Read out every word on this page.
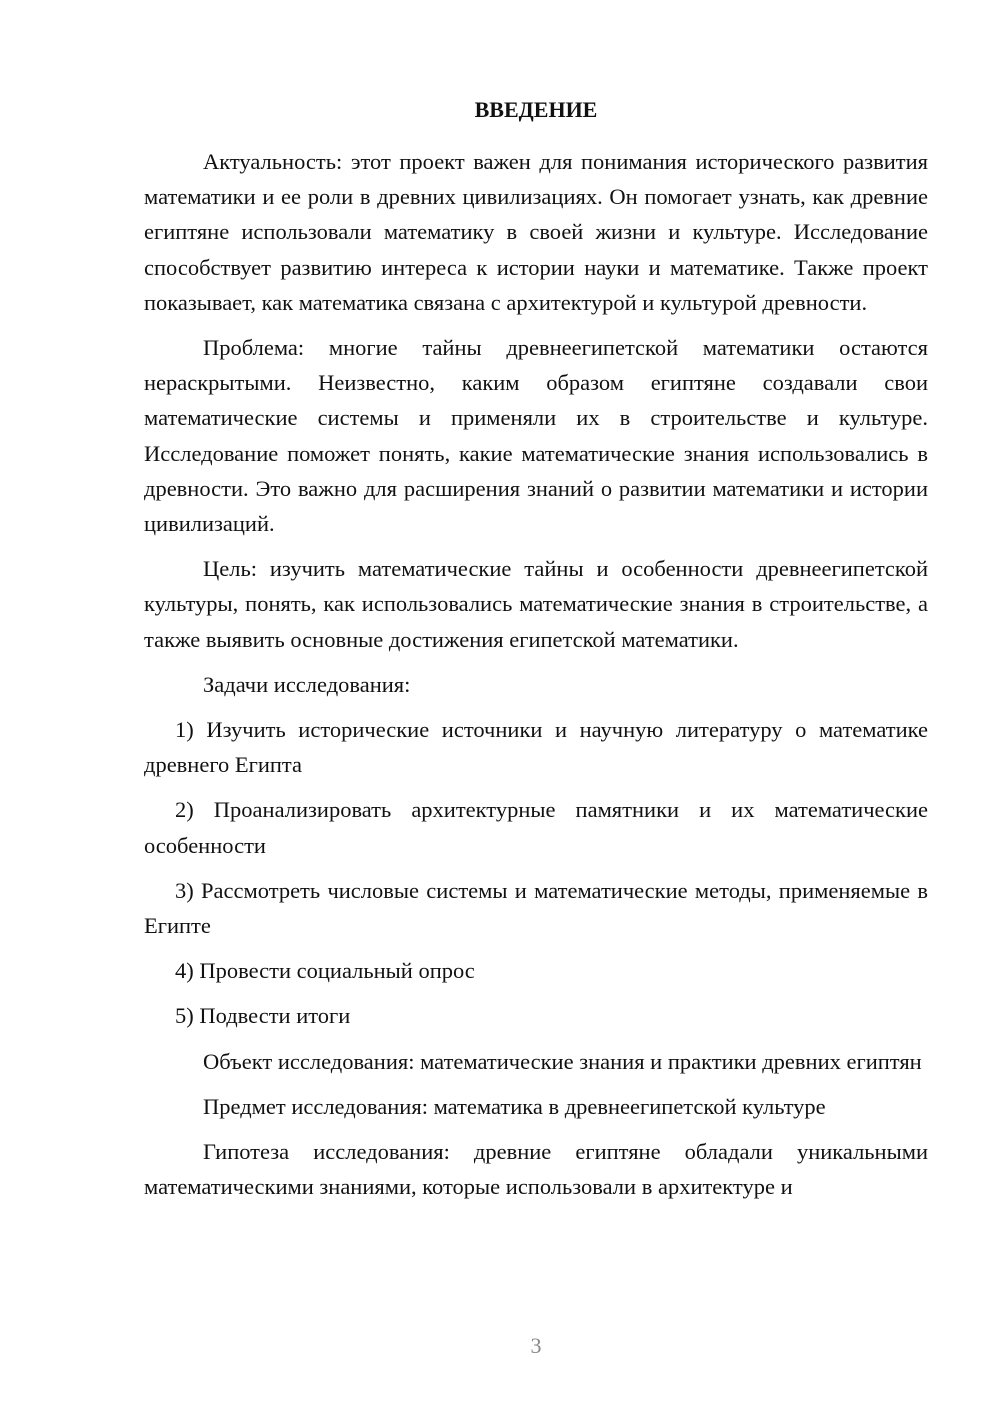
ВВЕДЕНИЕ

Актуальность: этот проект важен для понимания исторического развития математики и ее роли в древних цивилизациях. Он помогает узнать, как древние египтяне использовали математику в своей жизни и культуре. Исследование способствует развитию интереса к истории науки и математике. Также проект показывает, как математика связана с архитектурой и культурой древности.

Проблема: многие тайны древнеегипетской математики остаются нераскрытыми. Неизвестно, каким образом египтяне создавали свои математические системы и применяли их в строительстве и культуре. Исследование поможет понять, какие математические знания использовались в древности. Это важно для расширения знаний о развитии математики и истории цивилизаций.

Цель: изучить математические тайны и особенности древнеегипетской культуры, понять, как использовались математические знания в строительстве, а также выявить основные достижения египетской математики.

Задачи исследования:

1) Изучить исторические источники и научную литературу о математике древнего Египта

2) Проанализировать архитектурные памятники и их математические особенности

3) Рассмотреть числовые системы и математические методы, применяемые в Египте

4) Провести социальный опрос

5) Подвести итоги

Объект исследования: математические знания и практики древних египтян

Предмет исследования: математика в древнеегипетской культуре

Гипотеза исследования: древние египтяне обладали уникальными математическими знаниями, которые использовали в архитектуре и

3
